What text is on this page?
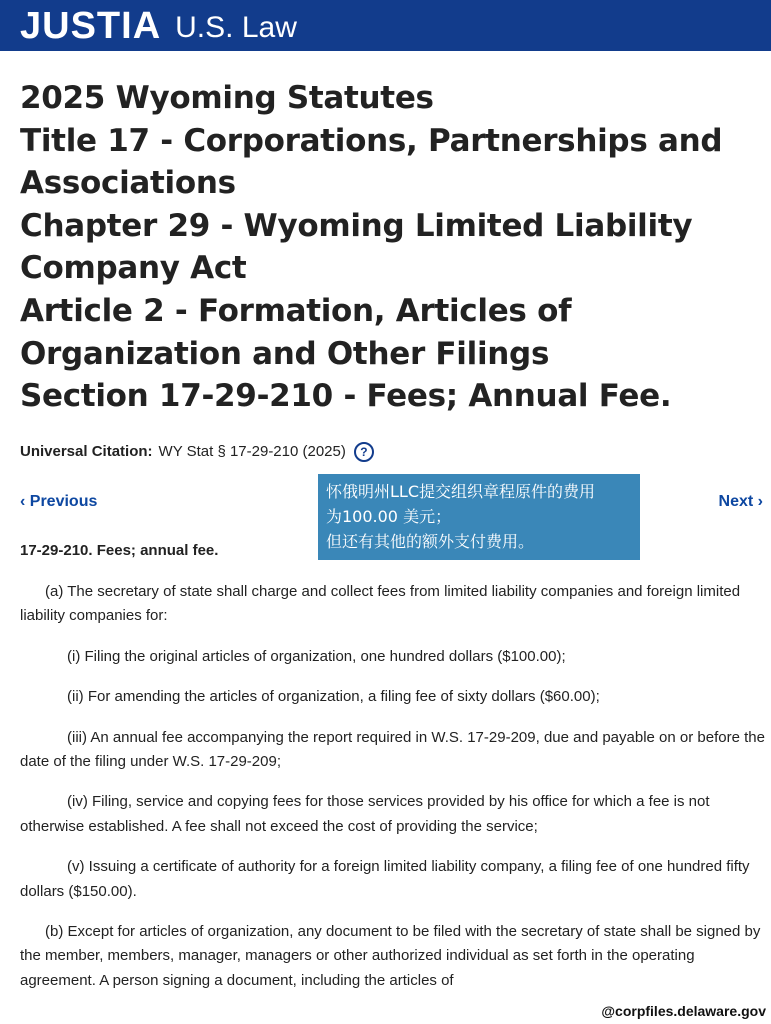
JUSTIA U.S. Law
2025 Wyoming Statutes
Title 17 - Corporations, Partnerships and Associations
Chapter 29 - Wyoming Limited Liability Company Act
Article 2 - Formation, Articles of Organization and Other Filings
Section 17-29-210 - Fees; Annual Fee.
Universal Citation: WY Stat § 17-29-210 (2025)	?
‹ Previous	Next ›
怀俄明州LLC提交组织章程原件的费用
为100.00 美元；
但还有其他的额外支付费用。
17-29-210. Fees; annual fee.

(a) The secretary of state shall charge and collect fees from limited liability companies and foreign limited liability companies for:

(i) Filing the original articles of organization, one hundred dollars ($100.00);

(ii) For amending the articles of organization, a filing fee of sixty dollars ($60.00);

(iii) An annual fee accompanying the report required in W.S. 17-29-209, due and payable on or before the date of the filing under W.S. 17-29-209;

(iv) Filing, service and copying fees for those services provided by his office for which a fee is not otherwise established. A fee shall not exceed the cost of providing the service;

(v) Issuing a certificate of authority for a foreign limited liability company, a filing fee of one hundred fifty dollars ($150.00).

(b) Except for articles of organization, any document to be filed with the secretary of state shall be signed by the member, members, manager, managers or other authorized individual as set forth in the operating agreement. A person signing a document, including the articles of

@corpfiles.delaware.gov
